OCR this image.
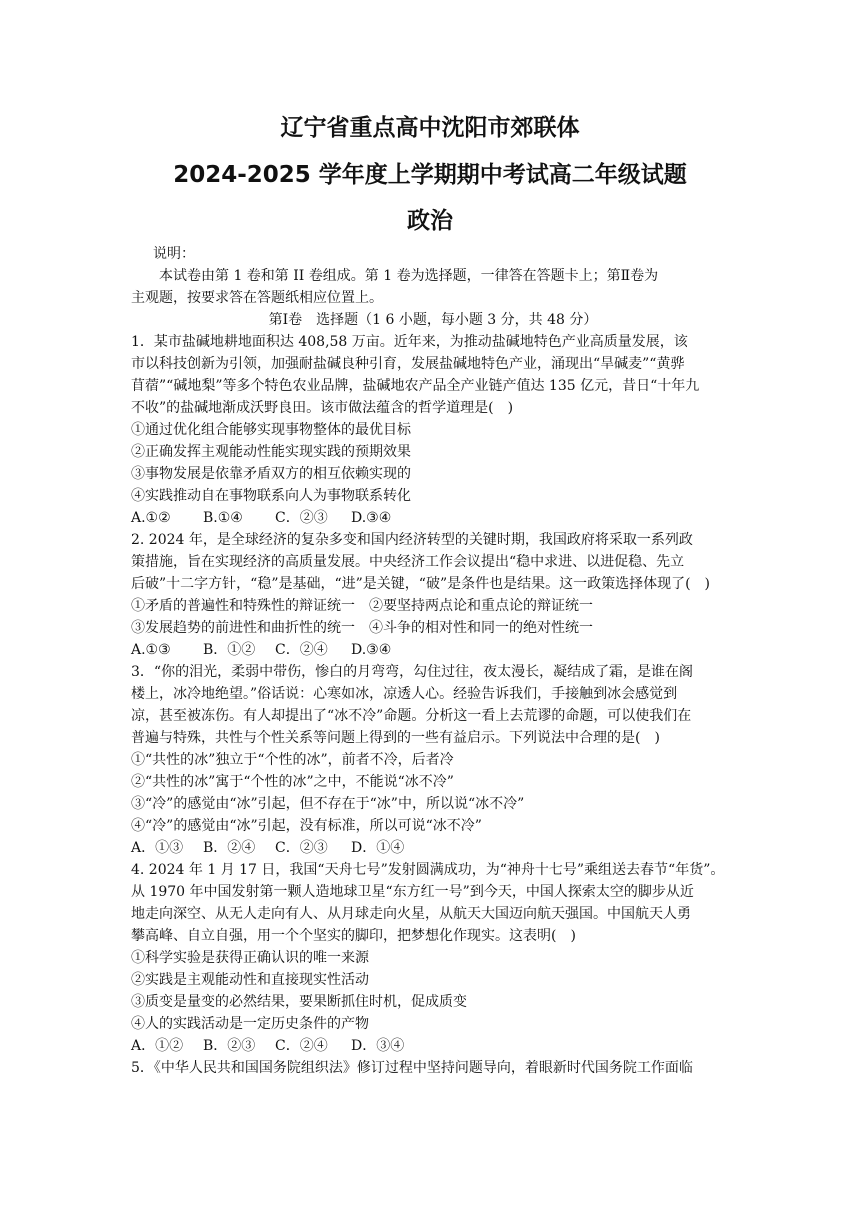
辽宁省重点高中沈阳市郊联体
2024-2025 学年度上学期期中考试高二年级试题
政治
说明：
本试卷由第 1 卷和第 II 卷组成。第 1 卷为选择题，一律答在答题卡上；第Ⅱ卷为
主观题，按要求答在答题纸相应位置上。
第Ⅰ卷　选择题（1 6 小题，每小题 3 分，共 48 分）
1．某市盐碱地耕地面积达 408,58 万亩。近年来，为推动盐碱地特色产业高质量发展，该
市以科技创新为引领，加强耐盐碱良种引育，发展盐碱地特色产业，涌现出“旱碱麦”“黄骅
苜蓿”“碱地梨”等多个特色农业品牌，盐碱地农产品全产业链产值达 135 亿元，昔日“十年九
不收”的盐碱地渐成沃野良田。该市做法蕴含的哲学道理是(　)
①通过优化组合能够实现事物整体的最优目标
②正确发挥主观能动性能实现实践的预期效果
③事物发展是依靠矛盾双方的相互依赖实现的
④实践推动自在事物联系向人为事物联系转化
A.①② B.①④ C．②③ D.③④
2. 2024 年，是全球经济的复杂多变和国内经济转型的关键时期，我国政府将采取一系列政
策措施，旨在实现经济的高质量发展。中央经济工作会议提出“稳中求进、以进促稳、先立
后破”十二字方针，“稳”是基础，“进”是关键，“破”是条件也是结果。这一政策选择体现了(　)
①矛盾的普遍性和特殊性的辩证统一　②要坚持两点论和重点论的辩证统一
③发展趋势的前进性和曲折性的统一　④斗争的相对性和同一的绝对性统一
A.①③ B．①② C．②④ D.③④
3．“你的泪光，柔弱中带伤，惨白的月弯弯，勾住过往，夜太漫长，凝结成了霜，是谁在阁
楼上，冰冷地绝望。”俗话说：心寒如冰，凉透人心。经验告诉我们，手接触到冰会感觉到
凉，甚至被冻伤。有人却提出了“冰不冷”命题。分析这一看上去荒谬的命题，可以使我们在
普遍与特殊，共性与个性关系等问题上得到的一些有益启示。下列说法中合理的是(　)
①“共性的冰”独立于“个性的冰”，前者不冷，后者冷
②“共性的冰”寓于“个性的冰”之中，不能说“冰不冷”
③“冷”的感觉由“冰”引起，但不存在于“冰”中，所以说“冰不冷”
④“冷”的感觉由“冰”引起，没有标准，所以可说“冰不冷”
A．①③ B．②④ C．②③ D．①④
4. 2024 年 1 月 17 日，我国“天舟七号”发射圆满成功，为“神舟十七号”乘组送去春节“年货”。
从 1970 年中国发射第一颗人造地球卫星“东方红一号”到今天，中国人探索太空的脚步从近
地走向深空、从无人走向有人、从月球走向火星，从航天大国迈向航天强国。中国航天人勇
攀高峰、自立自强，用一个个坚实的脚印，把梦想化作现实。这表明(　)
①科学实验是获得正确认识的唯一来源
②实践是主观能动性和直接现实性活动
③质变是量变的必然结果，要果断抓住时机，促成质变
④人的实践活动是一定历史条件的产物
A．①② B．②③ C．②④ D．③④
5．《中华人民共和国国务院组织法》修订过程中坚持问题导向，着眼新时代国务院工作面临
